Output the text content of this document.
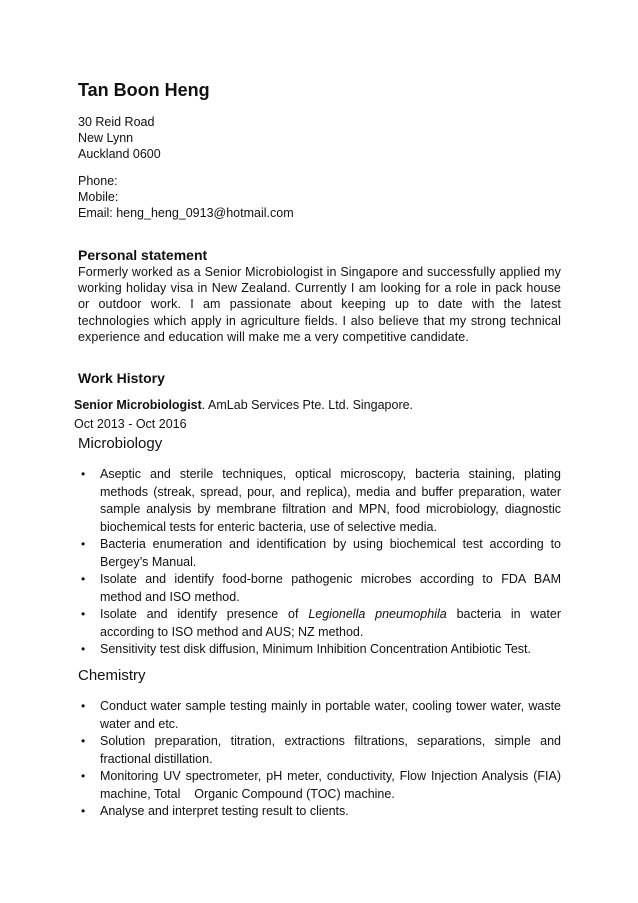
Tan Boon Heng
30 Reid Road
New Lynn
Auckland 0600
Phone:
Mobile:
Email: heng_heng_0913@hotmail.com
Personal statement

Formerly worked as a Senior Microbiologist in Singapore and successfully applied my working holiday visa in New Zealand. Currently I am looking for a role in pack house or outdoor work. I am passionate about keeping up to date with the latest technologies which apply in agriculture fields. I also believe that my strong technical experience and education will make me a very competitive candidate.

Work History
Senior Microbiologist. AmLab Services Pte. Ltd. Singapore.
Oct 2013 - Oct 2016
Microbiology
• Aseptic and sterile techniques, optical microscopy, bacteria staining, plating methods (streak, spread, pour, and replica), media and buffer preparation, water sample analysis by membrane filtration and MPN, food microbiology, diagnostic biochemical tests for enteric bacteria, use of selective media.
• Bacteria enumeration and identification by using biochemical test according to Bergey’s Manual.
• Isolate and identify food-borne pathogenic microbes according to FDA BAM method and ISO method.
• Isolate and identify presence of Legionella pneumophila bacteria in water according to ISO method and AUS; NZ method.
• Sensitivity test disk diffusion, Minimum Inhibition Concentration Antibiotic Test.
Chemistry
• Conduct water sample testing mainly in portable water, cooling tower water, waste water and etc.
• Solution preparation, titration, extractions filtrations, separations, simple and fractional distillation.
• Monitoring UV spectrometer, pH meter, conductivity, Flow Injection Analysis (FIA) machine, Total    Organic Compound (TOC) machine.
• Analyse and interpret testing result to clients.
